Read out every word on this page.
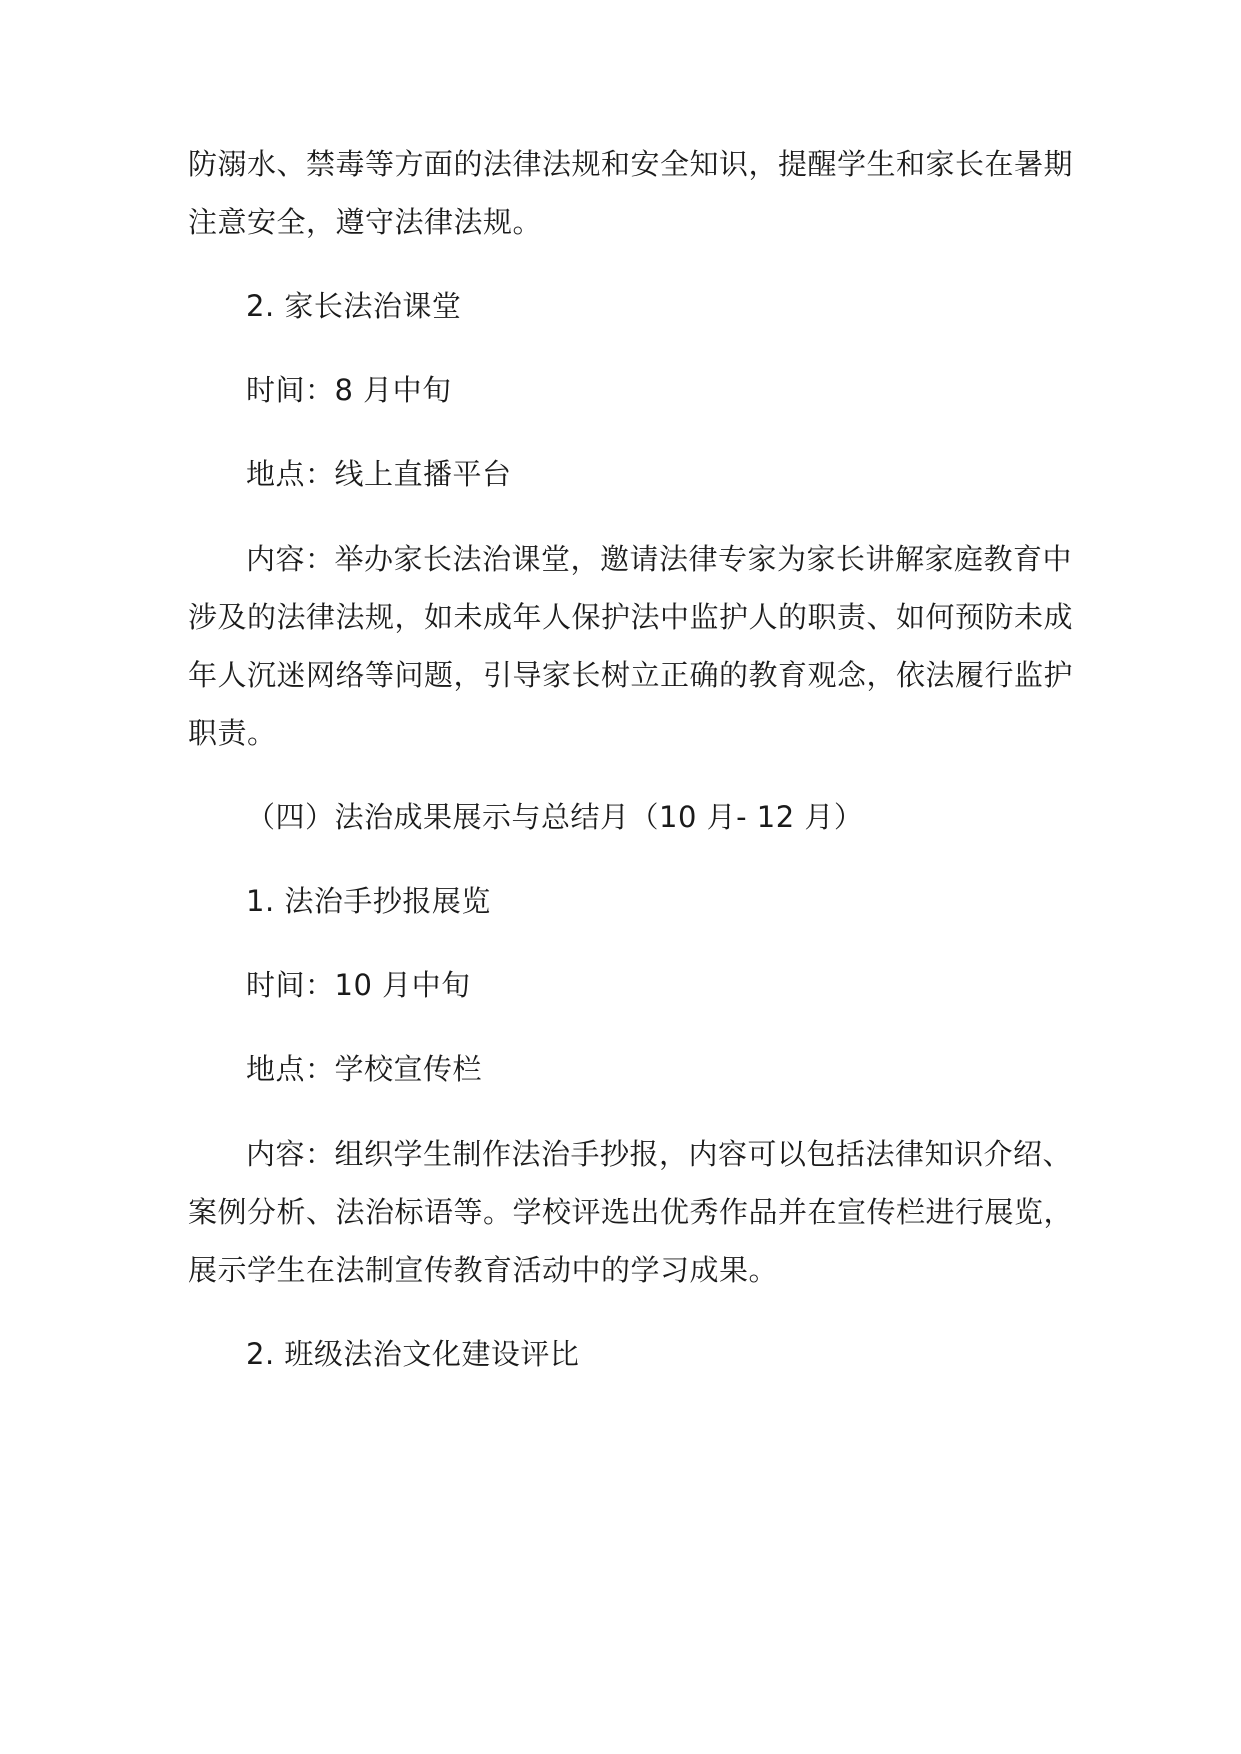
防溺水、禁毒等方面的法律法规和安全知识，提醒学生和家长在暑期

注意安全，遵守法律法规。

2. 家长法治课堂

时间：8 月中旬

地点：线上直播平台

内容：举办家长法治课堂，邀请法律专家为家长讲解家庭教育中

涉及的法律法规，如未成年人保护法中监护人的职责、如何预防未成

年人沉迷网络等问题，引导家长树立正确的教育观念，依法履行监护

职责。

（四）法治成果展示与总结月（10 月- 12 月）

1. 法治手抄报展览

时间：10 月中旬

地点：学校宣传栏

内容：组织学生制作法治手抄报，内容可以包括法律知识介绍、

案例分析、法治标语等。学校评选出优秀作品并在宣传栏进行展览，

展示学生在法制宣传教育活动中的学习成果。

2. 班级法治文化建设评比
